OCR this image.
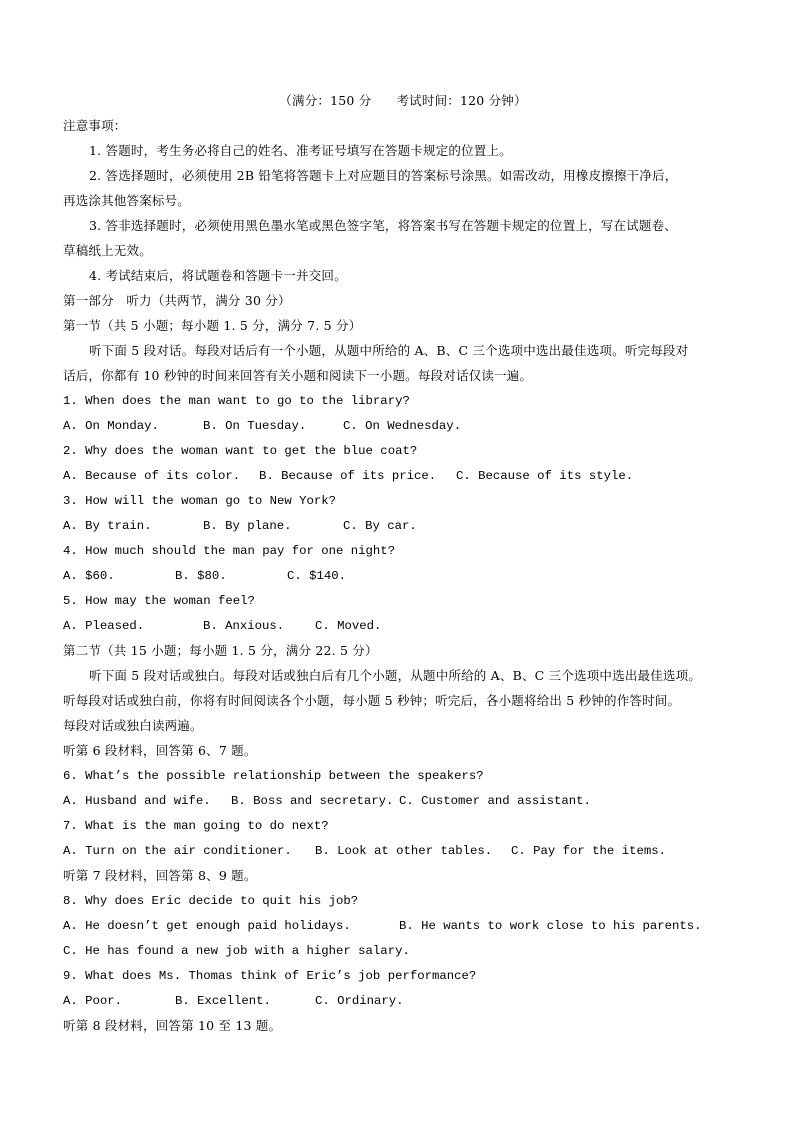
（满分：150 分      考试时间：120 分钟）
注意事项：
1. 答题时，考生务必将自己的姓名、准考证号填写在答题卡规定的位置上。
2. 答选择题时，必须使用 2B 铅笔将答题卡上对应题目的答案标号涂黑。如需改动，用橡皮擦擦干净后，
再选涂其他答案标号。
3. 答非选择题时，必须使用黑色墨水笔或黑色签字笔，将答案书写在答题卡规定的位置上，写在试题卷、
草稿纸上无效。
4. 考试结束后，将试题卷和答题卡一并交回。
第一部分   听力（共两节，满分 30 分）
第一节（共 5 小题；每小题 1. 5 分，满分 7. 5 分）
听下面 5 段对话。每段对话后有一个小题，从题中所给的 A、B、C 三个选项中选出最佳选项。听完每段对
话后，你都有 10 秒钟的时间来回答有关小题和阅读下一小题。每段对话仅读一遍。
1. When does the man want to go to the library?
A. On Monday.	B. On Tuesday.	C. On Wednesday.
2. Why does the woman want to get the blue coat?
A. Because of its color. B. Because of its price. C. Because of its style.
3. How will the woman go to New York?
A. By train.	B. By plane.	C. By car.
4. How much should the man pay for one night?
A. $60.	B. $80.	C. $140.
5. How may the woman feel?
A. Pleased.	B. Anxious.	C. Moved.
第二节（共 15 小题；每小题 1. 5 分，满分 22. 5 分）
听下面 5 段对话或独白。每段对话或独白后有几个小题，从题中所给的 A、B、C 三个选项中选出最佳选项。
听每段对话或独白前，你将有时间阅读各个小题，每小题 5 秒钟；听完后，各小题将给出 5 秒钟的作答时间。
每段对话或独白读两遍。
听第 6 段材料，回答第 6、7 题。
6. What’s the possible relationship between the speakers?
A. Husband and wife. B. Boss and secretary. C. Customer and assistant.
7. What is the man going to do next?
A. Turn on the air conditioner. B. Look at other tables. C. Pay for the items.
听第 7 段材料，回答第 8、9 题。
8. Why does Eric decide to quit his job?
A. He doesn’t get enough paid holidays.	B. He wants to work close to his parents.
C. He has found a new job with a higher salary.
9. What does Ms. Thomas think of Eric’s job performance?
A. Poor.	B. Excellent.	C. Ordinary.
听第 8 段材料，回答第 10 至 13 题。
